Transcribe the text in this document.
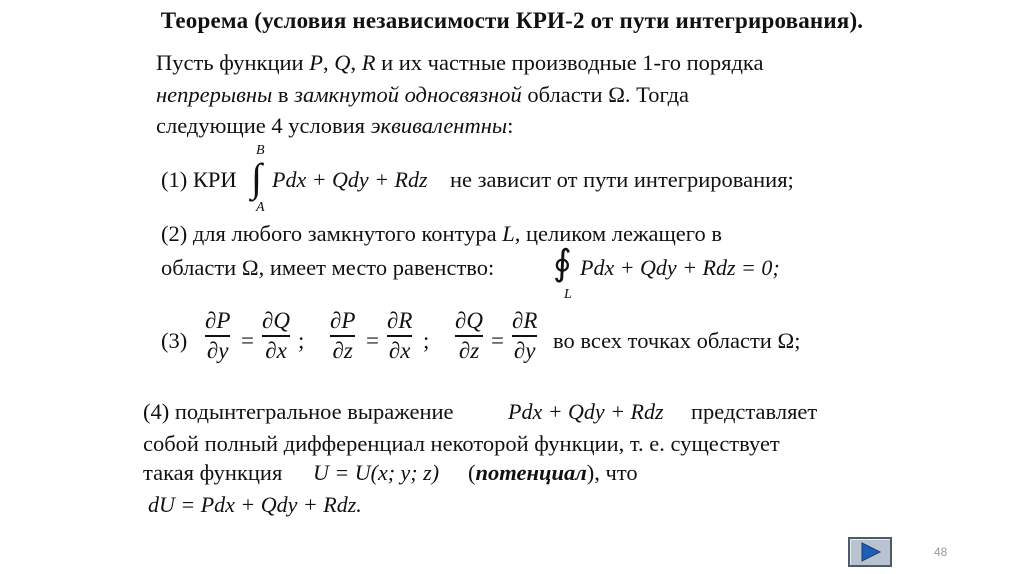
Теорема (условия независимости КРИ-2 от пути интегрирования).
Пусть функции P, Q, R и их частные производные 1-го порядка
непрерывны в замкнутой односвязной области Ω. Тогда
следующие 4 условия эквивалентны:
(1) КРИ
B
∫
A
Pdx + Qdy + Rdz не зависит от пути интегрирования;
(2) для любого замкнутого контура L, целиком лежащего в
области Ω, имеет место равенство: ∮
L
Pdx + Qdy + Rdz = 0;
(3)
∂P
∂y =
∂Q
∂x ;
∂P
∂z =
∂R
∂x ;
∂Q
∂z =
∂R
∂y во всех точках области Ω;
(4) подынтегральное выражение Pdx + Qdy + Rdz представляет
собой полный дифференциал некоторой функции, т. е. существует
такая функция U = U(x; y; z) (потенциал), что
dU = Pdx + Qdy + Rdz.
48
